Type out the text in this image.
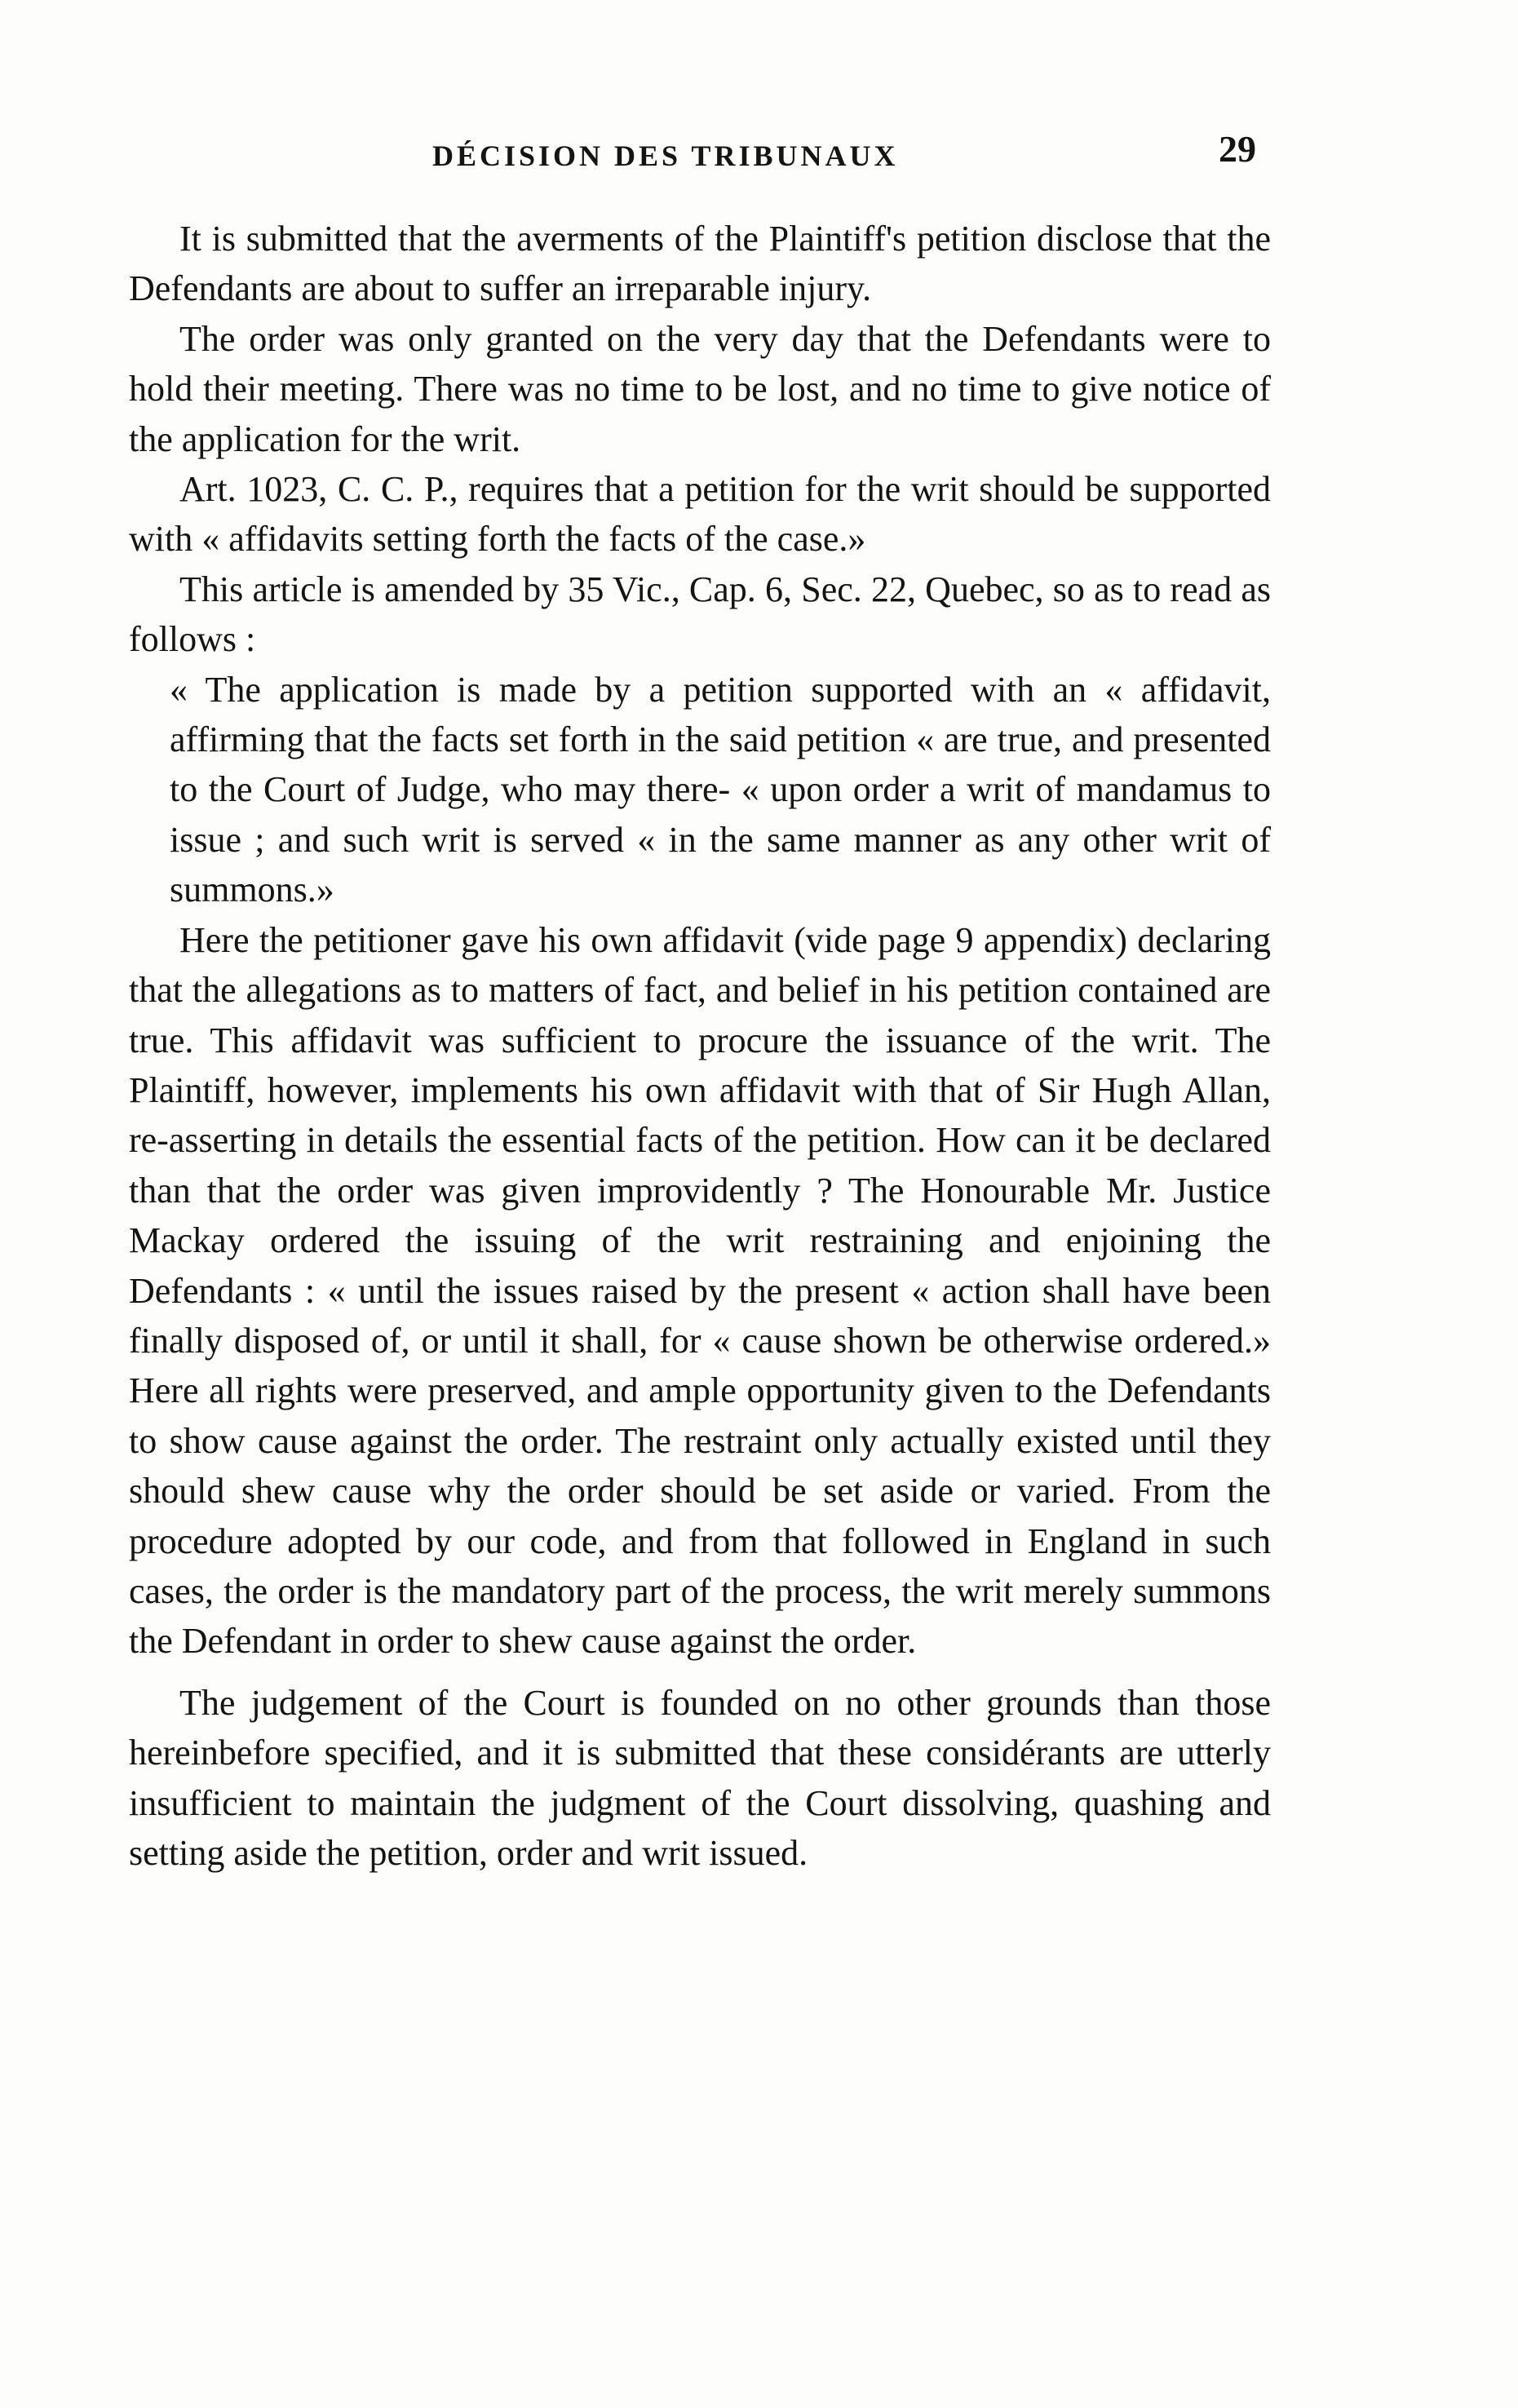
DÉCISION DES TRIBUNAUX	29

It is submitted that the averments of the Plaintiff's petition disclose that the Defendants are about to suffer an irreparable injury.

The order was only granted on the very day that the Defendants were to hold their meeting. There was no time to be lost, and no time to give notice of the application for the writ.

Art. 1023, C. C. P., requires that a petition for the writ should be supported with « affidavits setting forth the facts of the case.»

This article is amended by 35 Vic., Cap. 6, Sec. 22, Quebec, so as to read as follows :

« The application is made by a petition supported with an « affidavit, affirming that the facts set forth in the said petition « are true, and presented to the Court of Judge, who may there- « upon order a writ of mandamus to issue ; and such writ is served « in the same manner as any other writ of summons.»

Here the petitioner gave his own affidavit (vide page 9 appendix) declaring that the allegations as to matters of fact, and belief in his petition contained are true. This affidavit was sufficient to procure the issuance of the writ. The Plaintiff, however, implements his own affidavit with that of Sir Hugh Allan, re-asserting in details the essential facts of the petition. How can it be declared than that the order was given improvidently ? The Honourable Mr. Justice Mackay ordered the issuing of the writ restraining and enjoining the Defendants : « until the issues raised by the present « action shall have been finally disposed of, or until it shall, for « cause shown be otherwise ordered.» Here all rights were preserved, and ample opportunity given to the Defendants to show cause against the order. The restraint only actually existed until they should shew cause why the order should be set aside or varied. From the procedure adopted by our code, and from that followed in England in such cases, the order is the mandatory part of the process, the writ merely summons the Defendant in order to shew cause against the order.

The judgement of the Court is founded on no other grounds than those hereinbefore specified, and it is submitted that these considérants are utterly insufficient to maintain the judgment of the Court dissolving, quashing and setting aside the petition, order and writ issued.
